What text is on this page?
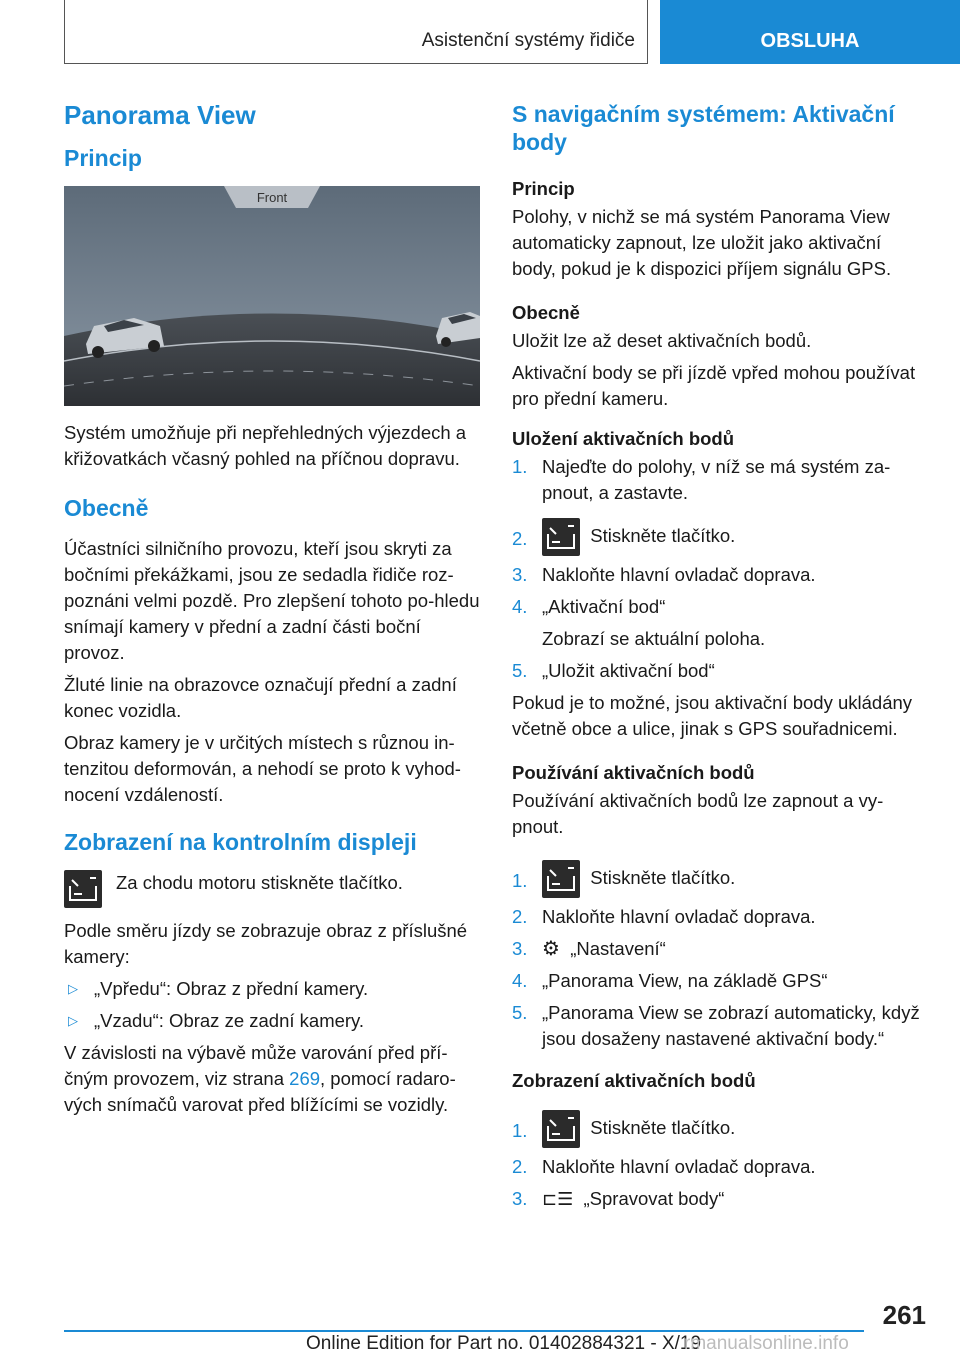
Asistenční systémy řidiče	OBSLUHA
Panorama View
Princip
Front

Systém umožňuje při nepřehledných výjezdech a křižovatkách včasný pohled na příčnou dopravu.

Obecně

Účastníci silničního provozu, kteří jsou skryti za bočními překážkami, jsou ze sedadla řidiče roz-poznáni velmi pozdě. Pro zlepšení tohoto po-hledu snímají kamery v přední a zadní části boční provoz.

Žluté linie na obrazovce označují přední a zadní konec vozidla.

Obraz kamery je v určitých místech s různou in-tenzitou deformován, a nehodí se proto k vyhod-nocení vzdáleností.

Zobrazení na kontrolním displeji
Za chodu motoru stiskněte tlačítko.

Podle směru jízdy se zobrazuje obraz z příslušné kamery:

▷ „Vpředu“: Obraz z přední kamery.
▷ „Vzadu“: Obraz ze zadní kamery.

V závislosti na výbavě může varování před pří-čným provozem, viz strana 269, pomocí radaro-vých snímačů varovat před blížícími se vozidly.

S navigačním systémem: Aktivační body
Princip

Polohy, v nichž se má systém Panorama View automaticky zapnout, lze uložit jako aktivační body, pokud je k dispozici příjem signálu GPS.

Obecně

Uložit lze až deset aktivačních bodů.

Aktivační body se při jízdě vpřed mohou používat pro přední kameru.

Uložení aktivačních bodů
1. Najeďte do polohy, v níž se má systém za-pnout, a zastavte.
2.	Stiskněte tlačítko.
3. Nakloňte hlavní ovladač doprava.
4. „Aktivační bod“
Zobrazí se aktuální poloha.
5. „Uložit aktivační bod“

Pokud je to možné, jsou aktivační body ukládány včetně obce a ulice, jinak s GPS souřadnicemi.

Používání aktivačních bodů

Používání aktivačních bodů lze zapnout a vy-pnout.

1.	Stiskněte tlačítko.
2. Nakloňte hlavní ovladač doprava.
3. ⚙ „Nastavení“
4. „Panorama View, na základě GPS“
5. „Panorama View se zobrazí automaticky, když jsou dosaženy nastavené aktivační body.“
Zobrazení aktivačních bodů
1.	Stiskněte tlačítko.
2. Nakloňte hlavní ovladač doprava.
3. ⊏☰ „Spravovat body“
261
Online Edition for Part no. 01402884321 - X/19
rmanualsonline.info
